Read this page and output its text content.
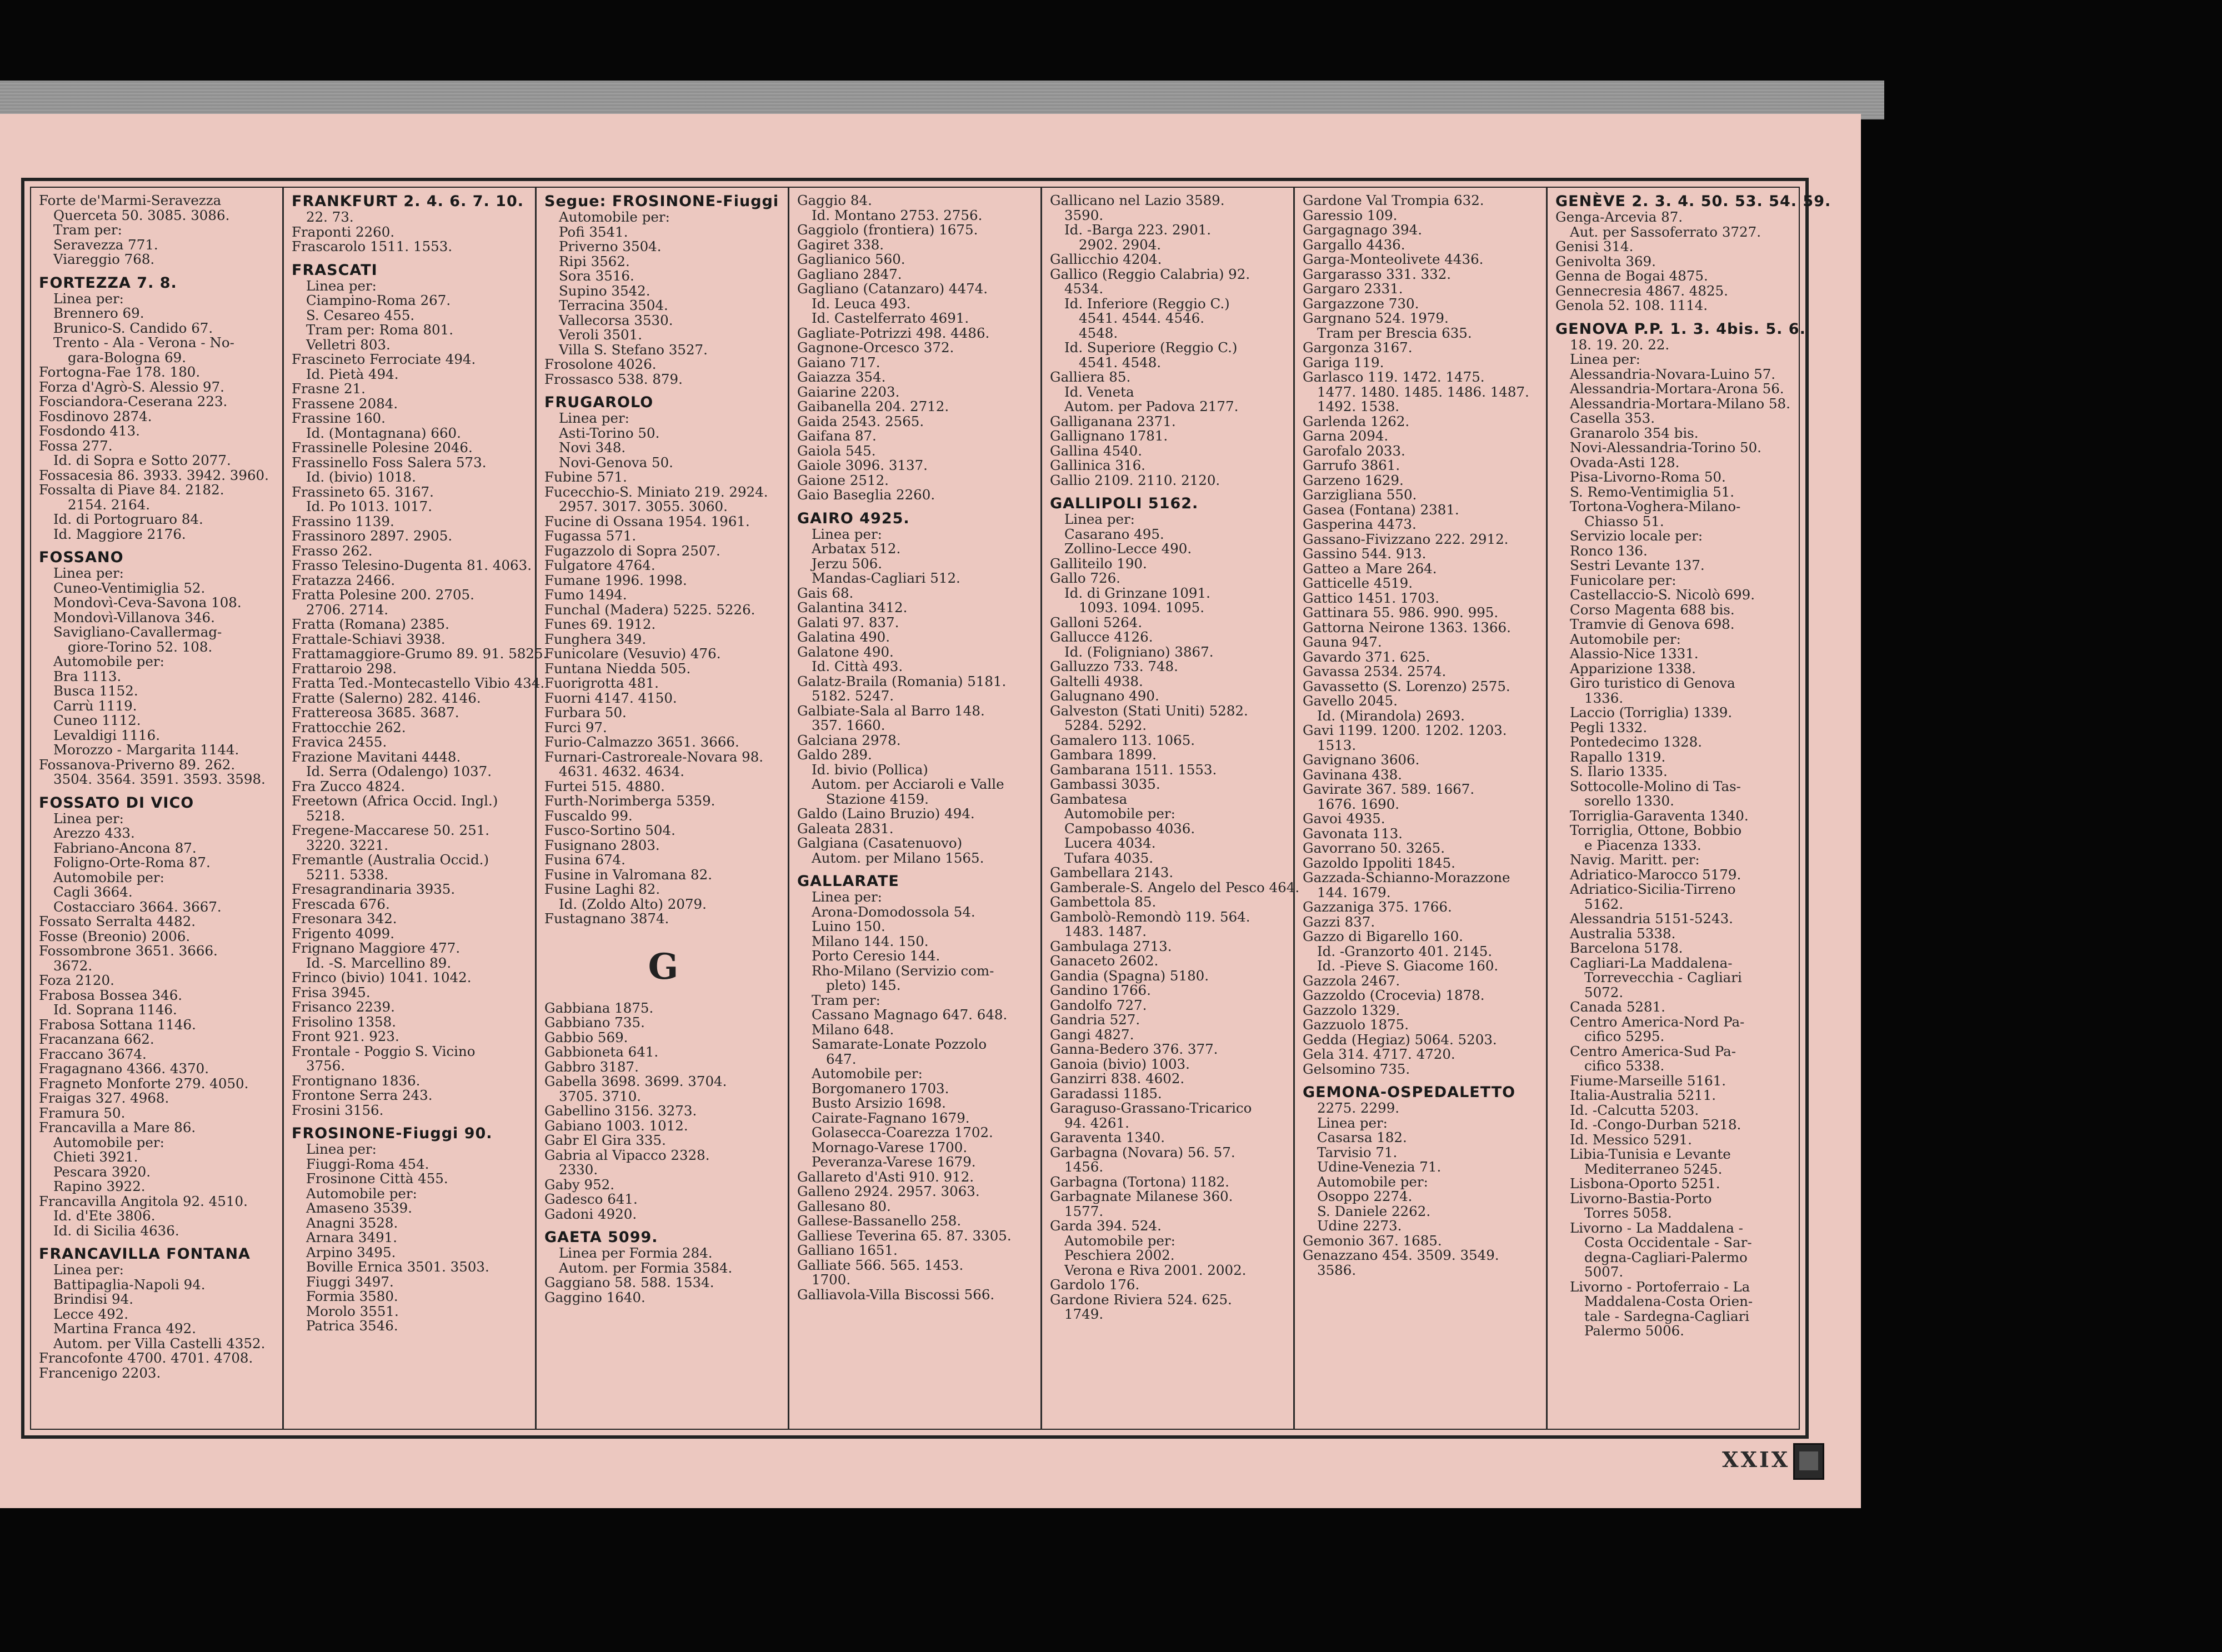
Forte de'Marmi-Seravezza
Querceta 50. 3085. 3086.
Tram per:
Seravezza 771.
Viareggio 768.
FORTEZZA 7. 8.
Linea per:
Brennero 69.
Brunico-S. Candido 67.
Trento - Ala - Verona - No-
gara-Bologna 69.
Fortogna-Fae 178. 180.
Forza d'Agrò-S. Alessio 97.
Fosciandora-Ceserana 223.
Fosdinovo 2874.
Fosdondo 413.
Fossa 277.
Id. di Sopra e Sotto 2077.
Fossacesia 86. 3933. 3942. 3960.
Fossalta di Piave 84. 2182.
2154. 2164.
Id. di Portogruaro 84.
Id. Maggiore 2176.
FOSSANO
Linea per:
Cuneo-Ventimiglia 52.
Mondovì-Ceva-Savona 108.
Mondovì-Villanova 346.
Savigliano-Cavallermag-
giore-Torino 52. 108.
Automobile per:
Bra 1113.
Busca 1152.
Carrù 1119.
Cuneo 1112.
Levaldigi 1116.
Morozzo - Margarita 1144.
Fossanova-Priverno 89. 262.
3504. 3564. 3591. 3593. 3598.
FOSSATO DI VICO
Linea per:
Arezzo 433.
Fabriano-Ancona 87.
Foligno-Orte-Roma 87.
Automobile per:
Cagli 3664.
Costacciaro 3664. 3667.
Fossato Serralta 4482.
Fosse (Breonio) 2006.
Fossombrone 3651. 3666.
3672.
Foza 2120.
Frabosa Bossea 346.
Id. Soprana 1146.
Frabosa Sottana 1146.
Fracanzana 662.
Fraccano 3674.
Fragagnano 4366. 4370.
Fragneto Monforte 279. 4050.
Fraigas 327. 4968.
Framura 50.
Francavilla a Mare 86.
Automobile per:
Chieti 3921.
Pescara 3920.
Rapino 3922.
Francavilla Angitola 92. 4510.
Id. d'Ete 3806.
Id. di Sicilia 4636.
FRANCAVILLA FONTANA
Linea per:
Battipaglia-Napoli 94.
Brindisi 94.
Lecce 492.
Martina Franca 492.
Autom. per Villa Castelli 4352.
Francofonte 4700. 4701. 4708.
Francenigo 2203.
FRANKFURT 2. 4. 6. 7. 10.
22. 73.
Fraponti 2260.
Frascarolo 1511. 1553.
FRASCATI
Linea per:
Ciampino-Roma 267.
S. Cesareo 455.
Tram per: Roma 801.
Velletri 803.
Frascineto Ferrociate 494.
Id. Pietà 494.
Frasne 21.
Frassene 2084.
Frassine 160.
Id. (Montagnana) 660.
Frassinelle Polesine 2046.
Frassinello Foss Salera 573.
Id. (bivio) 1018.
Frassineto 65. 3167.
Id. Po 1013. 1017.
Frassino 1139.
Frassinoro 2897. 2905.
Frasso 262.
Frasso Telesino-Dugenta 81. 4063.
Fratazza 2466.
Fratta Polesine 200. 2705.
2706. 2714.
Fratta (Romana) 2385.
Frattale-Schiavi 3938.
Frattamaggiore-Grumo 89. 91. 5825.
Frattaroio 298.
Fratta Ted.-Montecastello Vibio 434.
Fratte (Salerno) 282. 4146.
Frattereosa 3685. 3687.
Frattocchie 262.
Fravica 2455.
Frazione Mavitani 4448.
Id. Serra (Odalengo) 1037.
Fra Zucco 4824.
Freetown (Africa Occid. Ingl.)
5218.
Fregene-Maccarese 50. 251.
3220. 3221.
Fremantle (Australia Occid.)
5211. 5338.
Fresagrandinaria 3935.
Frescada 676.
Fresonara 342.
Frigento 4099.
Frignano Maggiore 477.
Id. -S. Marcellino 89.
Frinco (bivio) 1041. 1042.
Frisa 3945.
Frisanco 2239.
Frisolino 1358.
Front 921. 923.
Frontale - Poggio S. Vicino
3756.
Frontignano 1836.
Frontone Serra 243.
Frosini 3156.
FROSINONE-Fiuggi 90.
Linea per:
Fiuggi-Roma 454.
Frosinone Città 455.
Automobile per:
Amaseno 3539.
Anagni 3528.
Arnara 3491.
Arpino 3495.
Boville Ernica 3501. 3503.
Fiuggi 3497.
Formia 3580.
Morolo 3551.
Patrica 3546.
Segue: FROSINONE-Fiuggi
Automobile per:
Pofi 3541.
Priverno 3504.
Ripi 3562.
Sora 3516.
Supino 3542.
Terracina 3504.
Vallecorsa 3530.
Veroli 3501.
Villa S. Stefano 3527.
Frosolone 4026.
Frossasco 538. 879.
FRUGAROLO
Linea per:
Asti-Torino 50.
Novi 348.
Novi-Genova 50.
Fubine 571.
Fucecchio-S. Miniato 219. 2924.
2957. 3017. 3055. 3060.
Fucine di Ossana 1954. 1961.
Fugassa 571.
Fugazzolo di Sopra 2507.
Fulgatore 4764.
Fumane 1996. 1998.
Fumo 1494.
Funchal (Madera) 5225. 5226.
Funes 69. 1912.
Funghera 349.
Funicolare (Vesuvio) 476.
Funtana Niedda 505.
Fuorigrotta 481.
Fuorni 4147. 4150.
Furbara 50.
Furci 97.
Furio-Calmazzo 3651. 3666.
Furnari-Castroreale-Novara 98.
4631. 4632. 4634.
Furtei 515. 4880.
Furth-Norimberga 5359.
Fuscaldo 99.
Fusco-Sortino 504.
Fusignano 2803.
Fusina 674.
Fusine in Valromana 82.
Fusine Laghi 82.
Id. (Zoldo Alto) 2079.
Fustagnano 3874.
G
Gabbiana 1875.
Gabbiano 735.
Gabbio 569.
Gabbioneta 641.
Gabbro 3187.
Gabella 3698. 3699. 3704.
3705. 3710.
Gabellino 3156. 3273.
Gabiano 1003. 1012.
Gabr El Gira 335.
Gabria al Vipacco 2328.
2330.
Gaby 952.
Gadesco 641.
Gadoni 4920.
GAETA 5099.
Linea per Formia 284.
Autom. per Formia 3584.
Gaggiano 58. 588. 1534.
Gaggino 1640.
Gaggio 84.
Id. Montano 2753. 2756.
Gaggiolo (frontiera) 1675.
Gagiret 338.
Gaglianico 560.
Gagliano 2847.
Gagliano (Catanzaro) 4474.
Id. Leuca 493.
Id. Castelferrato 4691.
Gagliate-Potrizzi 498. 4486.
Gagnone-Orcesco 372.
Gaiano 717.
Gaiazza 354.
Gaiarine 2203.
Gaibanella 204. 2712.
Gaida 2543. 2565.
Gaifana 87.
Gaiola 545.
Gaiole 3096. 3137.
Gaione 2512.
Gaio Baseglia 2260.
GAIRO 4925.
Linea per:
Arbatax 512.
Jerzu 506.
Mandas-Cagliari 512.
Gais 68.
Galantina 3412.
Galati 97. 837.
Galatina 490.
Galatone 490.
Id. Città 493.
Galatz-Braila (Romania) 5181.
5182. 5247.
Galbiate-Sala al Barro 148.
357. 1660.
Galciana 2978.
Galdo 289.
Id. bivio (Pollica)
Autom. per Acciaroli e Valle
Stazione 4159.
Galdo (Laino Bruzio) 494.
Galeata 2831.
Galgiana (Casatenuovo)
Autom. per Milano 1565.
GALLARATE
Linea per:
Arona-Domodossola 54.
Luino 150.
Milano 144. 150.
Porto Ceresio 144.
Rho-Milano (Servizio com-
pleto) 145.
Tram per:
Cassano Magnago 647. 648.
Milano 648.
Samarate-Lonate Pozzolo
647.
Automobile per:
Borgomanero 1703.
Busto Arsizio 1698.
Cairate-Fagnano 1679.
Golasecca-Coarezza 1702.
Mornago-Varese 1700.
Peveranza-Varese 1679.
Gallareto d'Asti 910. 912.
Galleno 2924. 2957. 3063.
Gallesano 80.
Gallese-Bassanello 258.
Galliese Teverina 65. 87. 3305.
Galliano 1651.
Galliate 566. 565. 1453.
1700.
Galliavola-Villa Biscossi 566.
Gallicano nel Lazio 3589.
3590.
Id. -Barga 223. 2901.
2902. 2904.
Gallicchio 4204.
Gallico (Reggio Calabria) 92.
4534.
Id. Inferiore (Reggio C.)
4541. 4544. 4546.
4548.
Id. Superiore (Reggio C.)
4541. 4548.
Galliera 85.
Id. Veneta
Autom. per Padova 2177.
Galliganana 2371.
Gallignano 1781.
Gallina 4540.
Gallinica 316.
Gallio 2109. 2110. 2120.
GALLIPOLI 5162.
Linea per:
Casarano 495.
Zollino-Lecce 490.
Galliteilo 190.
Gallo 726.
Id. di Grinzane 1091.
1093. 1094. 1095.
Galloni 5264.
Gallucce 4126.
Id. (Foligniano) 3867.
Galluzzo 733. 748.
Galtelli 4938.
Galugnano 490.
Galveston (Stati Uniti) 5282.
5284. 5292.
Gamalero 113. 1065.
Gambara 1899.
Gambarana 1511. 1553.
Gambassi 3035.
Gambatesa
Automobile per:
Campobasso 4036.
Lucera 4034.
Tufara 4035.
Gambellara 2143.
Gamberale-S. Angelo del Pesco 464.
Gambettola 85.
Gambolò-Remondò 119. 564.
1483. 1487.
Gambulaga 2713.
Ganaceto 2602.
Gandia (Spagna) 5180.
Gandino 1766.
Gandolfo 727.
Gandria 527.
Gangi 4827.
Ganna-Bedero 376. 377.
Ganoia (bivio) 1003.
Ganzirri 838. 4602.
Garadassi 1185.
Garaguso-Grassano-Tricarico
94. 4261.
Garaventa 1340.
Garbagna (Novara) 56. 57.
1456.
Garbagna (Tortona) 1182.
Garbagnate Milanese 360.
1577.
Garda 394. 524.
Automobile per:
Peschiera 2002.
Verona e Riva 2001. 2002.
Gardolo 176.
Gardone Riviera 524. 625.
1749.
Gardone Val Trompia 632.
Garessio 109.
Gargagnago 394.
Gargallo 4436.
Garga-Monteolivete 4436.
Gargarasso 331. 332.
Gargaro 2331.
Gargazzone 730.
Gargnano 524. 1979.
Tram per Brescia 635.
Gargonza 3167.
Gariga 119.
Garlasco 119. 1472. 1475.
1477. 1480. 1485. 1486. 1487.
1492. 1538.
Garlenda 1262.
Garna 2094.
Garofalo 2033.
Garrufo 3861.
Garzeno 1629.
Garzigliana 550.
Gasea (Fontana) 2381.
Gasperina 4473.
Gassano-Fivizzano 222. 2912.
Gassino 544. 913.
Gatteo a Mare 264.
Gatticelle 4519.
Gattico 1451. 1703.
Gattinara 55. 986. 990. 995.
Gattorna Neirone 1363. 1366.
Gauna 947.
Gavardo 371. 625.
Gavassa 2534. 2574.
Gavassetto (S. Lorenzo) 2575.
Gavello 2045.
Id. (Mirandola) 2693.
Gavi 1199. 1200. 1202. 1203.
1513.
Gavignano 3606.
Gavinana 438.
Gavirate 367. 589. 1667.
1676. 1690.
Gavoi 4935.
Gavonata 113.
Gavorrano 50. 3265.
Gazoldo Ippoliti 1845.
Gazzada-Schianno-Morazzone
144. 1679.
Gazzaniga 375. 1766.
Gazzi 837.
Gazzo di Bigarello 160.
Id. -Granzorto 401. 2145.
Id. -Pieve S. Giacome 160.
Gazzola 2467.
Gazzoldo (Crocevia) 1878.
Gazzolo 1329.
Gazzuolo 1875.
Gedda (Hegiaz) 5064. 5203.
Gela 314. 4717. 4720.
Gelsomino 735.
GEMONA-OSPEDALETTO
2275. 2299.
Linea per:
Casarsa 182.
Tarvisio 71.
Udine-Venezia 71.
Automobile per:
Osoppo 2274.
S. Daniele 2262.
Udine 2273.
Gemonio 367. 1685.
Genazzano 454. 3509. 3549.
3586.
GENÈVE 2. 3. 4. 50. 53. 54. 59.
Genga-Arcevia 87.
Aut. per Sassoferrato 3727.
Genisi 314.
Genivolta 369.
Genna de Bogai 4875.
Gennecresia 4867. 4825.
Genola 52. 108. 1114.
GENOVA P.P. 1. 3. 4bis. 5. 6.
18. 19. 20. 22.
Linea per:
Alessandria-Novara-Luino 57.
Alessandria-Mortara-Arona 56.
Alessandria-Mortara-Milano 58.
Casella 353.
Granarolo 354 bis.
Novi-Alessandria-Torino 50.
Ovada-Asti 128.
Pisa-Livorno-Roma 50.
S. Remo-Ventimiglia 51.
Tortona-Voghera-Milano-
Chiasso 51.
Servizio locale per:
Ronco 136.
Sestri Levante 137.
Funicolare per:
Castellaccio-S. Nicolò 699.
Corso Magenta 688 bis.
Tramvie di Genova 698.
Automobile per:
Alassio-Nice 1331.
Apparizione 1338.
Giro turistico di Genova
1336.
Laccio (Torriglia) 1339.
Pegli 1332.
Pontedecimo 1328.
Rapallo 1319.
S. Ilario 1335.
Sottocolle-Molino di Tas-
sorello 1330.
Torriglia-Garaventa 1340.
Torriglia, Ottone, Bobbio
e Piacenza 1333.
Navig. Maritt. per:
Adriatico-Marocco 5179.
Adriatico-Sicilia-Tirreno
5162.
Alessandria 5151-5243.
Australia 5338.
Barcelona 5178.
Cagliari-La Maddalena-
Torrevecchia - Cagliari
5072.
Canada 5281.
Centro America-Nord Pa-
cifico 5295.
Centro America-Sud Pa-
cifico 5338.
Fiume-Marseille 5161.
Italia-Australia 5211.
Id. -Calcutta 5203.
Id. -Congo-Durban 5218.
Id. Messico 5291.
Libia-Tunisia e Levante
Mediterraneo 5245.
Lisbona-Oporto 5251.
Livorno-Bastia-Porto
Torres 5058.
Livorno - La Maddalena -
Costa Occidentale - Sar-
degna-Cagliari-Palermo
5007.
Livorno - Portoferraio - La
Maddalena-Costa Orien-
tale - Sardegna-Cagliari
Palermo 5006.
XXIX
